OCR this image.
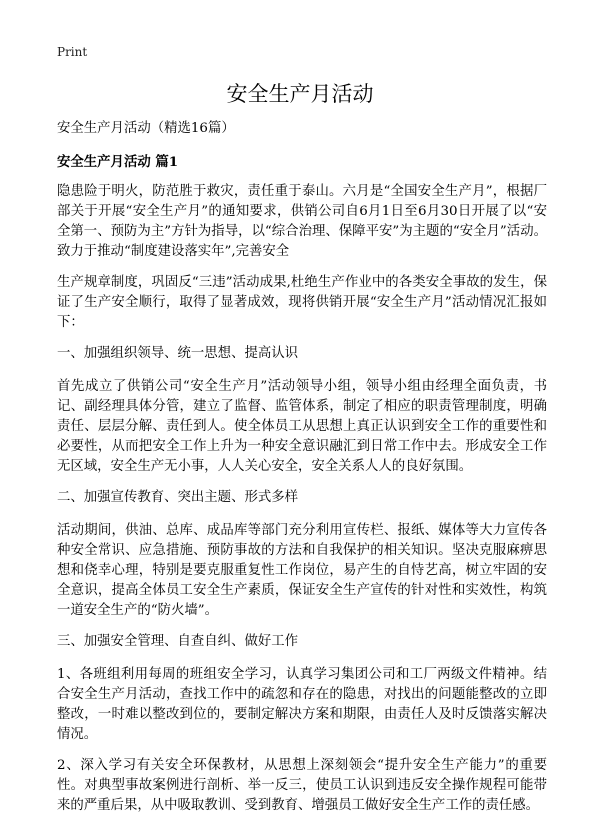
Print
安全生产月活动

安全生产月活动（精选16篇）

安全生产月活动 篇1

隐患险于明火，防范胜于救灾，责任重于泰山。六月是“全国安全生产月”，根据厂部关于开展“安全生产月”的通知要求，供销公司自6月1日至6月30日开展了以“安全第一、预防为主”方针为指导，以“综合治理、保障平安”为主题的“安全月”活动。致力于推动“制度建设落实年”,完善安全

生产规章制度，巩固反“三违”活动成果,杜绝生产作业中的各类安全事故的发生，保证了生产安全顺行，取得了显著成效，现将供销开展“安全生产月”活动情况汇报如下：

一、加强组织领导、统一思想、提高认识

首先成立了供销公司“安全生产月”活动领导小组，领导小组由经理全面负责，书记、副经理具体分管，建立了监督、监管体系，制定了相应的职责管理制度，明确责任、层层分解、责任到人。使全体员工从思想上真正认识到安全工作的重要性和必要性，从而把安全工作上升为一种安全意识融汇到日常工作中去。形成安全工作无区域，安全生产无小事，人人关心安全，安全关系人人的良好氛围。

二、加强宣传教育、突出主题、形式多样

活动期间，供油、总库、成品库等部门充分利用宣传栏、报纸、媒体等大力宣传各种安全常识、应急措施、预防事故的方法和自我保护的相关知识。坚决克服麻痹思想和侥幸心理，特别是要克服重复性工作岗位，易产生的自恃艺高，树立牢固的安全意识，提高全体员工安全生产素质，保证安全生产宣传的针对性和实效性，构筑一道安全生产的“防火墙”。

三、加强安全管理、自查自纠、做好工作

1、各班组利用每周的班组安全学习，认真学习集团公司和工厂两级文件精神。结合安全生产月活动，查找工作中的疏忽和存在的隐患，对找出的问题能整改的立即整改，一时难以整改到位的，要制定解决方案和期限，由责任人及时反馈落实解决情况。

2、深入学习有关安全环保教材，从思想上深刻领会“提升安全生产能力”的重要性。对典型事故案例进行剖析、举一反三，使员工认识到违反安全操作规程可能带来的严重后果，从中吸取教训、受到教育、增强员工做好安全生产工作的责任感。
